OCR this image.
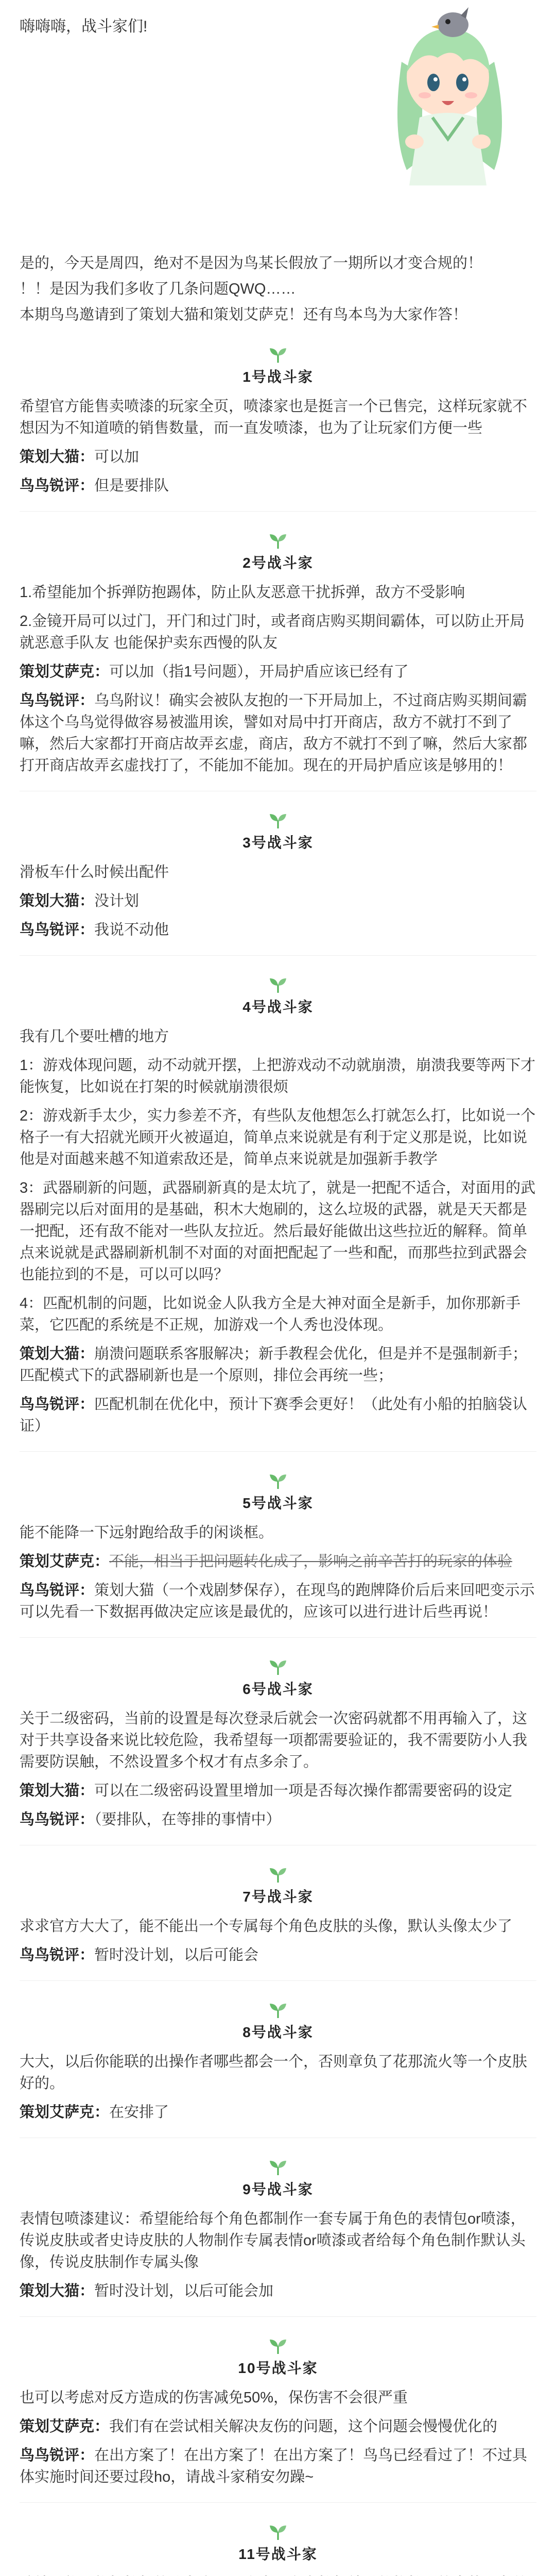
嗨嗨嗨，战斗家们!

是的，今天是周四，绝对不是因为鸟某长假放了一期所以才变合规的！

！！是因为我们多收了几条问题QWQ……

本期鸟鸟邀请到了策划大猫和策划艾萨克！还有鸟本鸟为大家作答！

1号战斗家

希望官方能售卖喷漆的玩家全页，喷漆家也是挺言一个已售完，这样玩家就不想因为不知道喷的销售数量，而一直发喷漆，也为了让玩家们方便一些

策划大猫：可以加

鸟鸟锐评：但是要排队

2号战斗家

1.希望能加个拆弹防抱踢体，防止队友恶意干扰拆弹，敌方不受影响

2.金镜开局可以过门，开门和过门时，或者商店购买期间霸体，可以防止开局就恶意手队友 也能保护卖东西慢的队友

策划艾萨克：可以加（指1号问题），开局护盾应该已经有了

鸟鸟锐评：乌鸟附议！确实会被队友抱的一下开局加上，不过商店购买期间霸体这个乌鸟觉得做容易被滥用诶，譬如对局中打开商店，敌方不就打不到了嘛，然后大家都打开商店故弄玄虚，商店，敌方不就打不到了嘛，然后大家都打开商店故弄玄虚找打了，不能加不能加。现在的开局护盾应该是够用的！

3号战斗家

滑板车什么时候出配件

策划大猫：没计划

鸟鸟锐评：我说不动他

4号战斗家

我有几个要吐槽的地方

1：游戏体现问题，动不动就开摆，上把游戏动不动就崩溃，崩溃我要等两下才能恢复，比如说在打架的时候就崩溃很烦

2：游戏新手太少，实力参差不齐，有些队友他想怎么打就怎么打，比如说一个格子一有大招就光顾开火被逼迫，简单点来说就是有利于定义那是说，比如说他是对面越来越不知道索敌还是，简单点来说就是加强新手教学

3：武器刷新的问题，武器刷新真的是太坑了，就是一把配不适合，对面用的武器刷完以后对面用的是基础，积木大炮刷的，这么垃圾的武器，就是天天都是一把配，还有敌不能对一些队友拉近。然后最好能做出这些拉近的解释。简单点来说就是武器刷新机制不对面的对面把配起了一些和配，而那些拉到武器会也能拉到的不是，可以可以吗？

4：匹配机制的问题，比如说金人队我方全是大神对面全是新手，加你那新手菜，它匹配的系统是不正规，加游戏一个人秀也没体现。

策划大猫：崩溃问题联系客服解决；新手教程会优化，但是并不是强制新手；匹配模式下的武器刷新也是一个原则，排位会再统一些；

鸟鸟锐评：匹配机制在优化中，预计下赛季会更好！（此处有小船的拍脑袋认证）

5号战斗家

能不能降一下远射跑给敌手的闲谈框。

策划艾萨克：不能，相当于把问题转化成了，影响之前辛苦打的玩家的体验

鸟鸟锐评：策划大猫（一个戏剧梦保存），在现鸟的跑牌降价后后来回吧变示示可以先看一下数据再做决定应该是最优的，应该可以进行进计后些再说！

6号战斗家

关于二级密码，当前的设置是每次登录后就会一次密码就都不用再输入了，这对于共享设备来说比较危险，我希望每一项都需要验证的，我不需要防小人我需要防误触，不然设置多个权才有点多余了。

策划大猫：可以在二级密码设置里增加一项是否每次操作都需要密码的设定

鸟鸟锐评：（要排队，在等排的事情中）

7号战斗家

求求官方大大了，能不能出一个专属每个角色皮肤的头像，默认头像太少了

鸟鸟锐评：暂时没计划，以后可能会

8号战斗家

大大，以后你能联的出操作者哪些都会一个，否则章负了花那流火等一个皮肤好的。

策划艾萨克：在安排了

9号战斗家

表情包喷漆建议：希望能给每个角色都制作一套专属于角色的表情包or喷漆，传说皮肤或者史诗皮肤的人物制作专属表情or喷漆或者给每个角色制作默认头像，传说皮肤制作专属头像

策划大猫：暂时没计划，以后可能会加

10号战斗家

也可以考虑对反方造成的伤害减免50%，保伤害不会很严重

策划艾萨克：我们有在尝试相关解决友伤的问题，这个问题会慢慢优化的

鸟鸟锐评：在出方案了！在出方案了！在出方案了！鸟鸟已经看过了！不过具体实施时间还要过段ho，请战斗家稍安勿躁~

11号战斗家
